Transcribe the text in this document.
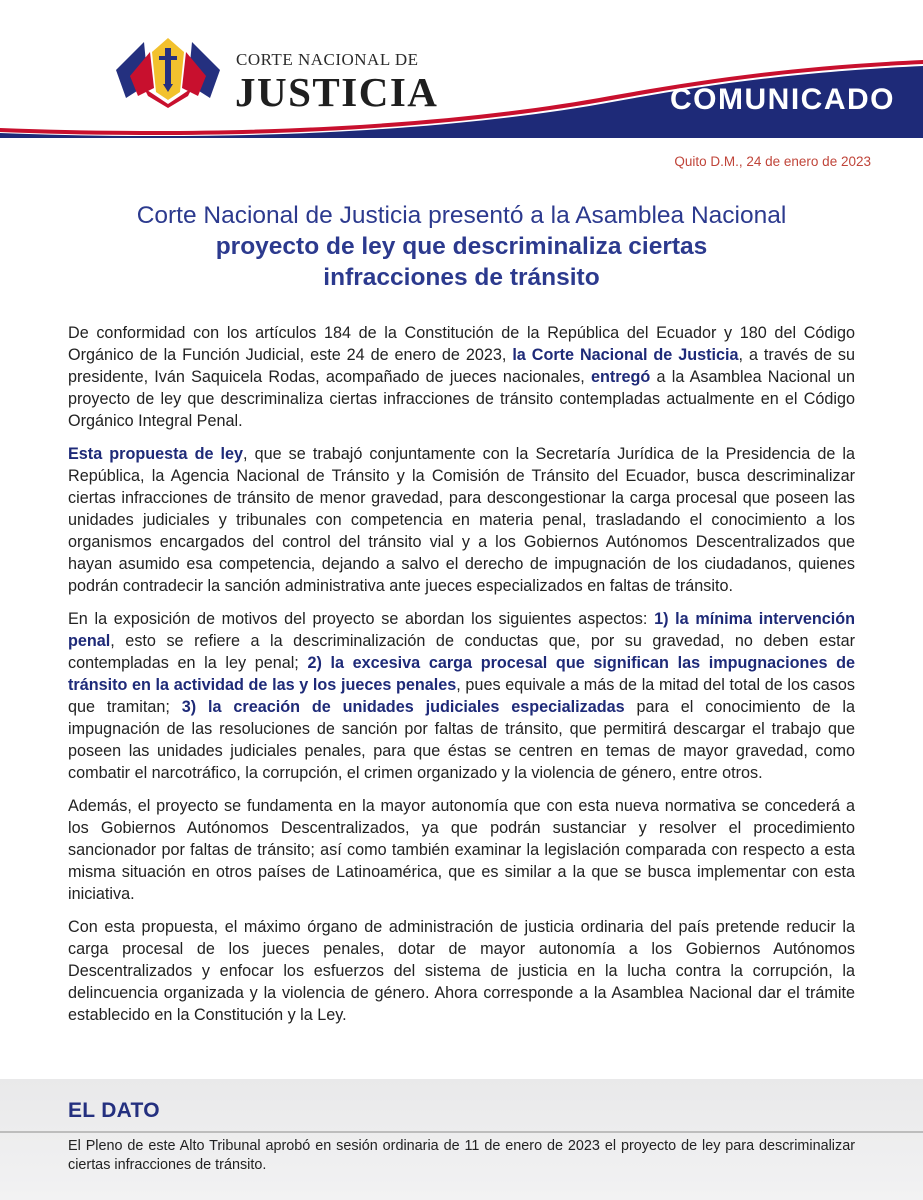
CORTE NACIONAL DE
JUSTICIA	COMUNICADO
Quito D.M., 24 de enero de 2023
Corte Nacional de Justicia presentó a la Asamblea Nacional
proyecto de ley que descriminaliza ciertas
infracciones de tránsito

De conformidad con los artículos 184 de la Constitución de la República del Ecuador y 180 del Código Orgánico de la Función Judicial, este 24 de enero de 2023, la Corte Nacional de Justicia, a través de su presidente, Iván Saquicela Rodas, acompañado de jueces nacionales, entregó a la Asamblea Nacional un proyecto de ley que descriminaliza ciertas infracciones de tránsito contempladas actualmente en el Código Orgánico Integral Penal.

Esta propuesta de ley, que se trabajó conjuntamente con la Secretaría Jurídica de la Presidencia de la República, la Agencia Nacional de Tránsito y la Comisión de Tránsito del Ecuador, busca descriminalizar ciertas infracciones de tránsito de menor gravedad, para descongestionar la carga procesal que poseen las unidades judiciales y tribunales con competencia en materia penal, trasladando el conocimiento a los organismos encargados del control del tránsito vial y a los Gobiernos Autónomos Descentralizados que hayan asumido esa competencia, dejando a salvo el derecho de impugnación de los ciudadanos, quienes podrán contradecir la sanción administrativa ante jueces especializados en faltas de tránsito.

En la exposición de motivos del proyecto se abordan los siguientes aspectos: 1) la mínima intervención penal, esto se refiere a la descriminalización de conductas que, por su gravedad, no deben estar contempladas en la ley penal; 2) la excesiva carga procesal que significan las impugnaciones de tránsito en la actividad de las y los jueces penales, pues equivale a más de la mitad del total de los casos que tramitan; 3) la creación de unidades judiciales especializadas para el conocimiento de la impugnación de las resoluciones de sanción por faltas de tránsito, que permitirá descargar el trabajo que poseen las unidades judiciales penales, para que éstas se centren en temas de mayor gravedad, como combatir el narcotráfico, la corrupción, el crimen organizado y la violencia de género, entre otros.

Además, el proyecto se fundamenta en la mayor autonomía que con esta nueva normativa se concederá a los Gobiernos Autónomos Descentralizados, ya que podrán sustanciar y resolver el procedimiento sancionador por faltas de tránsito; así como también examinar la legislación comparada con respecto a esta misma situación en otros países de Latinoamérica, que es similar a la que se busca implementar con esta iniciativa.

Con esta propuesta, el máximo órgano de administración de justicia ordinaria del país pretende reducir la carga procesal de los jueces penales, dotar de mayor autonomía a los Gobiernos Autónomos Descentralizados y enfocar los esfuerzos del sistema de justicia en la lucha contra la corrupción, la delincuencia organizada y la violencia de género. Ahora corresponde a la Asamblea Nacional dar el trámite establecido en la Constitución y la Ley.

EL DATO
El Pleno de este Alto Tribunal aprobó en sesión ordinaria de 11 de enero de 2023 el proyecto de ley para descriminalizar ciertas infracciones de tránsito.
